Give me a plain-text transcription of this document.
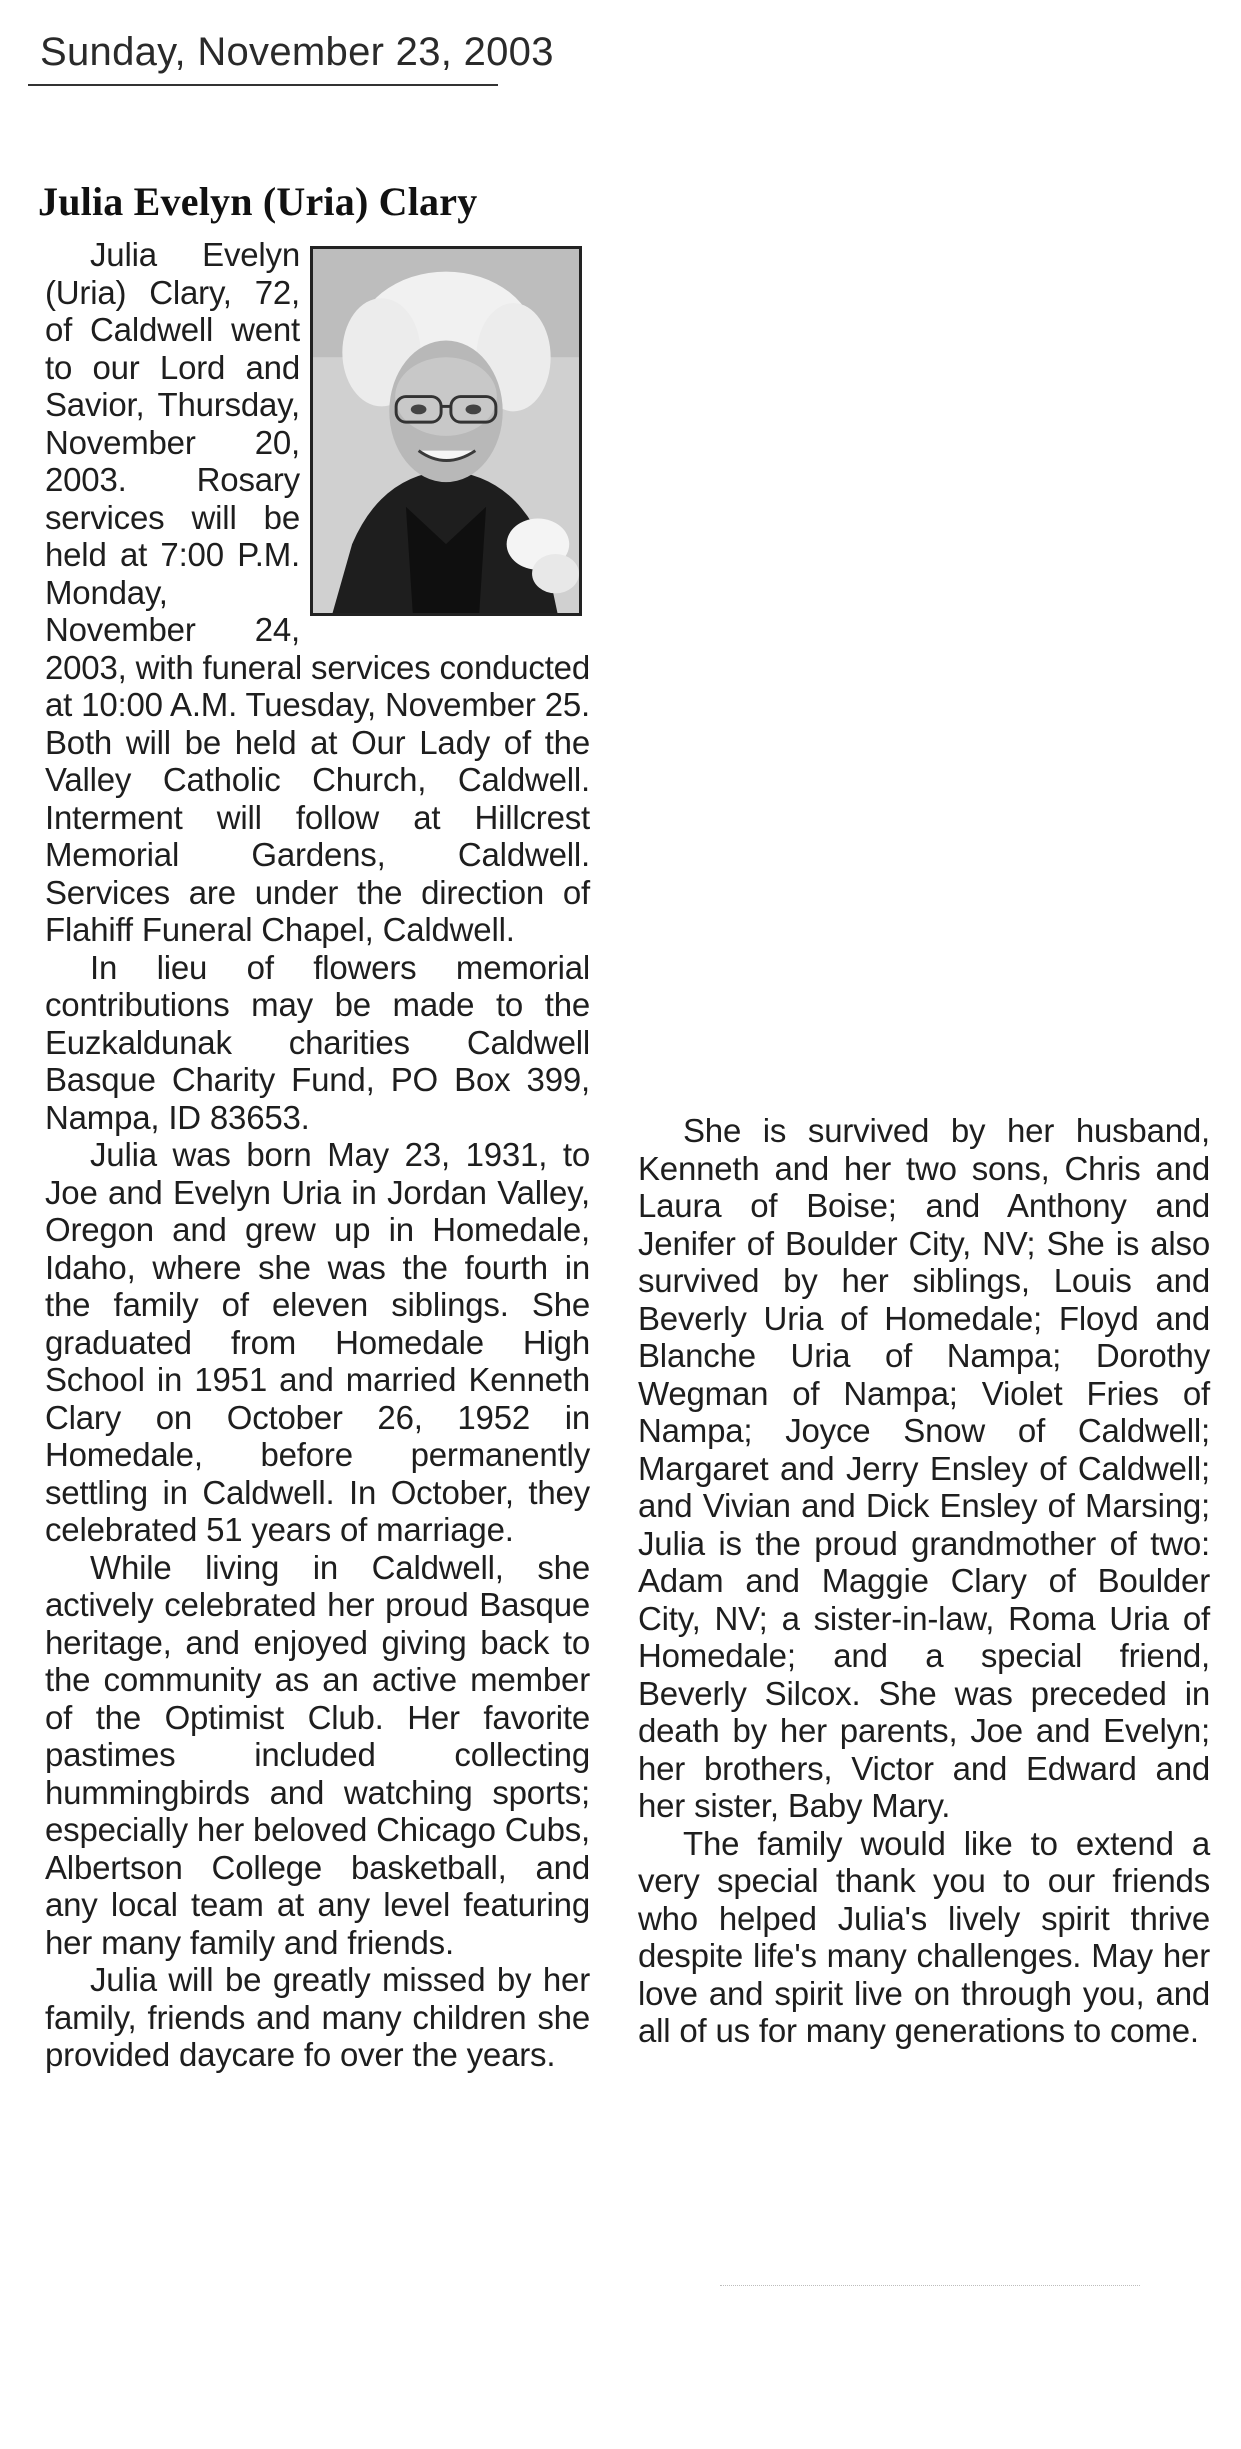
Sunday, November 23, 2003
Julia Evelyn (Uria) Clary

Julia Evelyn (Uria) Clary, 72, of Caldwell went to our Lord and Savior, Thursday, November 20, 2003. Rosary services will be held at 7:00 P.M. Monday, November 24, 2003, with funeral services conducted at 10:00 A.M. Tuesday, November 25. Both will be held at Our Lady of the Valley Catholic Church, Caldwell. Interment will follow at Hillcrest Memorial Gardens, Caldwell. Services are under the direction of Flahiff Funeral Chapel, Caldwell.

In lieu of flowers memorial contributions may be made to the Euzkaldunak charities Caldwell Basque Charity Fund, PO Box 399, Nampa, ID 83653.

Julia was born May 23, 1931, to Joe and Evelyn Uria in Jordan Valley, Oregon and grew up in Homedale, Idaho, where she was the fourth in the family of eleven siblings. She graduated from Homedale High School in 1951 and married Kenneth Clary on October 26, 1952 in Homedale, before permanently settling in Caldwell. In October, they celebrated 51 years of marriage.

While living in Caldwell, she actively celebrated her proud Basque heritage, and enjoyed giving back to the community as an active member of the Optimist Club. Her favorite pastimes included collecting hummingbirds and watching sports; especially her beloved Chicago Cubs, Albertson College basketball, and any local team at any level featuring her many family and friends.

Julia will be greatly missed by her family, friends and many children she provided daycare fo over the years.

She is survived by her husband, Kenneth and her two sons, Chris and Laura of Boise; and Anthony and Jenifer of Boulder City, NV; She is also survived by her siblings, Louis and Beverly Uria of Homedale; Floyd and Blanche Uria of Nampa; Dorothy Wegman of Nampa; Violet Fries of Nampa; Joyce Snow of Caldwell; Margaret and Jerry Ensley of Caldwell; and Vivian and Dick Ensley of Marsing; Julia is the proud grandmother of two: Adam and Maggie Clary of Boulder City, NV; a sister-in-law, Roma Uria of Homedale; and a special friend, Beverly Silcox. She was preceded in death by her parents, Joe and Evelyn; her brothers, Victor and Edward and her sister, Baby Mary.

The family would like to extend a very special thank you to our friends who helped Julia's lively spirit thrive despite life's many challenges. May her love and spirit live on through you, and all of us for many generations to come.
